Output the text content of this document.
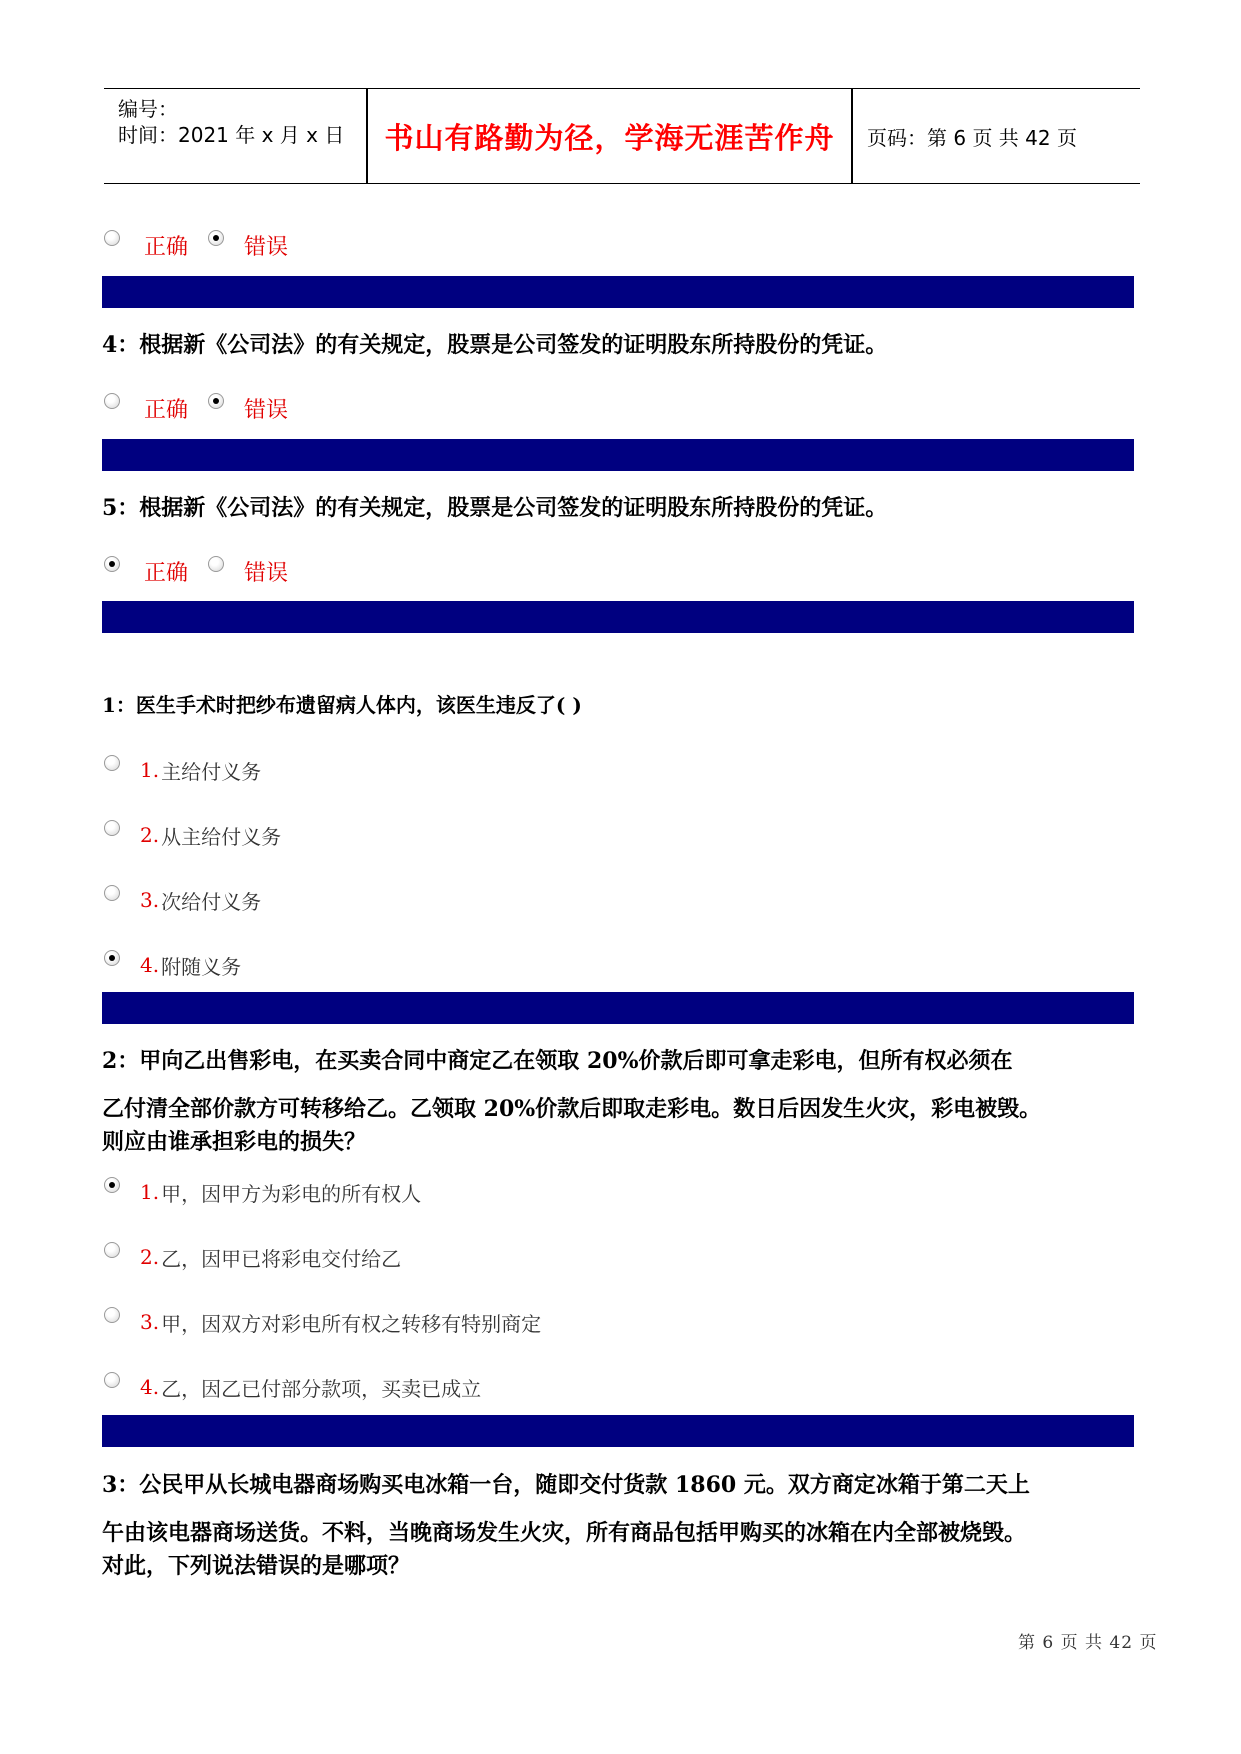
编号：
时间：2021 年 x 月 x 日	书山有路勤为径，学海无涯苦作舟	页码：第 6 页 共 42 页
正确	错误
4：根据新《公司法》的有关规定，股票是公司签发的证明股东所持股份的凭证。
正确	错误
5：根据新《公司法》的有关规定，股票是公司签发的证明股东所持股份的凭证。
正确	错误
1：医生手术时把纱布遗留病人体内，该医生违反了( )
1. 主给付义务
2. 从主给付义务
3. 次给付义务
4. 附随义务
2：甲向乙出售彩电，在买卖合同中商定乙在领取 20%价款后即可拿走彩电，但所有权必须在
乙付清全部价款方可转移给乙。乙领取 20%价款后即取走彩电。数日后因发生火灾，彩电被毁。
则应由谁承担彩电的损失？
1. 甲，因甲方为彩电的所有权人
2. 乙，因甲已将彩电交付给乙
3. 甲，因双方对彩电所有权之转移有特别商定
4. 乙，因乙已付部分款项，买卖已成立
3：公民甲从长城电器商场购买电冰箱一台，随即交付货款 1860 元。双方商定冰箱于第二天上
午由该电器商场送货。不料，当晚商场发生火灾，所有商品包括甲购买的冰箱在内全部被烧毁。
对此，下列说法错误的是哪项？
第 6 页 共 42 页
